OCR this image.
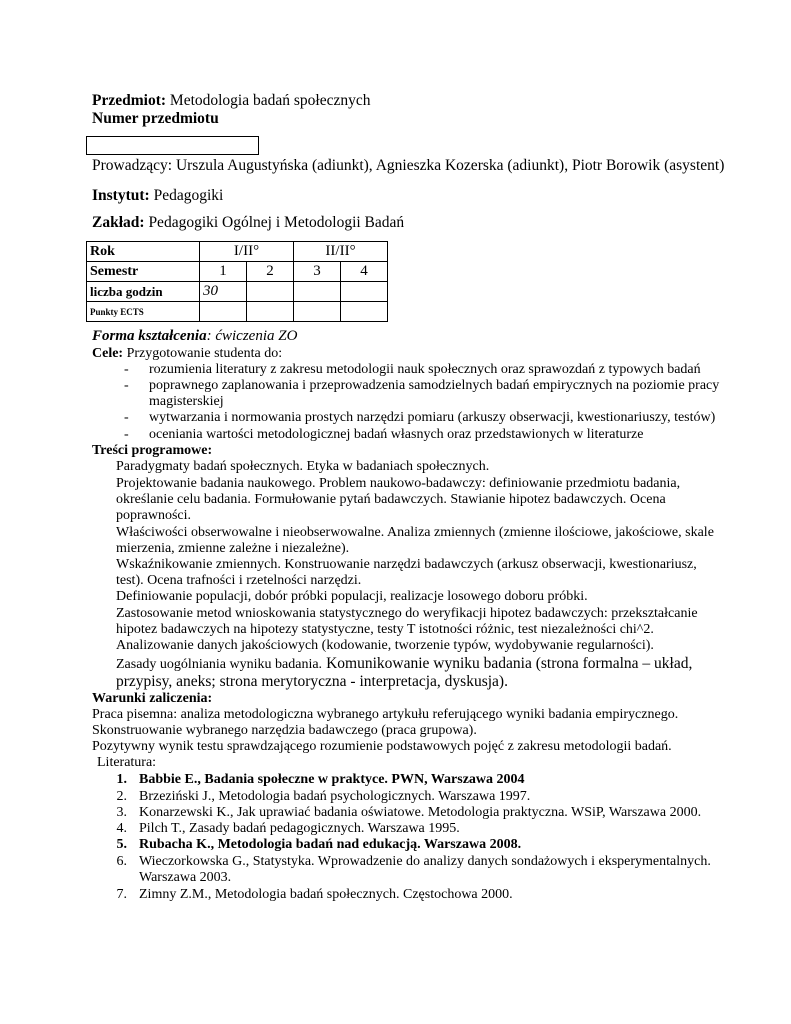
Przedmiot: Metodologia badań społecznych
Numer przedmiotu
Prowadzący: Urszula Augustyńska (adiunkt), Agnieszka Kozerska (adiunkt), Piotr Borowik (asystent)
Instytut: Pedagogiki
Zakład: Pedagogiki Ogólnej i Metodologii Badań
Rok	I/II°		II/II°	
Semestr	1	2	3	4
liczba godzin	30			
Punkty ECTS				
Forma kształcenia: ćwiczenia ZO
Cele: Przygotowanie studenta do:
- rozumienia literatury z zakresu metodologii nauk społecznych oraz sprawozdań z typowych badań
- poprawnego zaplanowania i przeprowadzenia samodzielnych badań empirycznych na poziomie pracy
magisterskiej
- wytwarzania i normowania prostych narzędzi pomiaru (arkuszy obserwacji, kwestionariuszy, testów)
- oceniania wartości metodologicznej badań własnych oraz przedstawionych w literaturze
Treści programowe:
Paradygmaty badań społecznych. Etyka w badaniach społecznych.
Projektowanie badania naukowego. Problem naukowo-badawczy: definiowanie przedmiotu badania,
określanie celu badania. Formułowanie pytań badawczych. Stawianie hipotez badawczych. Ocena
poprawności.
Właściwości obserwowalne i nieobserwowalne. Analiza zmiennych (zmienne ilościowe, jakościowe, skale
mierzenia, zmienne zależne i niezależne).
Wskaźnikowanie zmiennych. Konstruowanie narzędzi badawczych (arkusz obserwacji, kwestionariusz,
test). Ocena trafności i rzetelności narzędzi.
Definiowanie populacji, dobór próbki populacji, realizacje losowego doboru próbki.
Zastosowanie metod wnioskowania statystycznego do weryfikacji hipotez badawczych: przekształcanie
hipotez badawczych na hipotezy statystyczne, testy T istotności różnic, test niezależności chi^2.
Analizowanie danych jakościowych (kodowanie, tworzenie typów, wydobywanie regularności).
Zasady uogólniania wyniku badania. Komunikowanie wyniku badania (strona formalna – układ,
przypisy, aneks; strona merytoryczna - interpretacja, dyskusja).
Warunki zaliczenia:
Praca pisemna: analiza metodologiczna wybranego artykułu referującego wyniki badania empirycznego.
Skonstruowanie wybranego narzędzia badawczego (praca grupowa).
Pozytywny wynik testu sprawdzającego rozumienie podstawowych pojęć z zakresu metodologii badań.
Literatura:
1. Babbie E., Badania społeczne w praktyce. PWN, Warszawa 2004
2. Brzeziński J., Metodologia badań psychologicznych. Warszawa 1997.
3. Konarzewski K., Jak uprawiać badania oświatowe. Metodologia praktyczna. WSiP, Warszawa 2000.
4. Pilch T., Zasady badań pedagogicznych. Warszawa 1995.
5. Rubacha K., Metodologia badań nad edukacją. Warszawa 2008.
6. Wieczorkowska G., Statystyka. Wprowadzenie do analizy danych sondażowych i eksperymentalnych.
Warszawa 2003.
7. Zimny Z.M., Metodologia badań społecznych. Częstochowa 2000.
